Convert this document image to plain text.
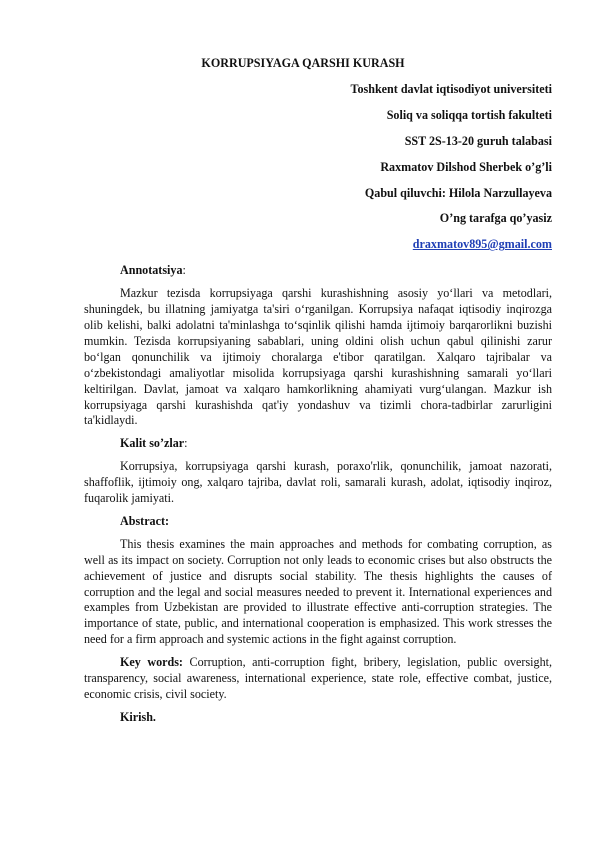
KORRUPSIYAGA QARSHI KURASH
Toshkent davlat iqtisodiyot universiteti
Soliq va soliqqa tortish fakulteti
SST 2S-13-20 guruh talabasi
Raxmatov Dilshod Sherbek o’g’li
Qabul qiluvchi: Hilola Narzullayeva
O’ng tarafga qo’yasiz
draxmatov895@gmail.com
Annotatsiya:

Mazkur tezisda korrupsiyaga qarshi kurashishning asosiy yo‘llari va metodlari, shuningdek, bu illatning jamiyatga ta'siri o‘rganilgan. Korrupsiya nafaqat iqtisodiy inqirozga olib kelishi, balki adolatni ta'minlashga to‘sqinlik qilishi hamda ijtimoiy barqarorlikni buzishi mumkin. Tezisda korrupsiyaning sabablari, uning oldini olish uchun qabul qilinishi zarur bo‘lgan qonunchilik va ijtimoiy choralarga e'tibor qaratilgan. Xalqaro tajribalar va o‘zbekistondagi amaliyotlar misolida korrupsiyaga qarshi kurashishning samarali yo‘llari keltirilgan. Davlat, jamoat va xalqaro hamkorlikning ahamiyati vurg‘ulangan. Mazkur ish korrupsiyaga qarshi kurashishda qat'iy yondashuv va tizimli chora-tadbirlar zarurligini ta'kidlaydi.

Kalit so’zlar:

Korrupsiya, korrupsiyaga qarshi kurash, poraxo'rlik, qonunchilik, jamoat nazorati, shaffoflik, ijtimoiy ong, xalqaro tajriba, davlat roli, samarali kurash, adolat, iqtisodiy inqiroz, fuqarolik jamiyati.

Abstract:

This thesis examines the main approaches and methods for combating corruption, as well as its impact on society. Corruption not only leads to economic crises but also obstructs the achievement of justice and disrupts social stability. The thesis highlights the causes of corruption and the legal and social measures needed to prevent it. International experiences and examples from Uzbekistan are provided to illustrate effective anti-corruption strategies. The importance of state, public, and international cooperation is emphasized. This work stresses the need for a firm approach and systemic actions in the fight against corruption.

Key words: Corruption, anti-corruption fight, bribery, legislation, public oversight, transparency, social awareness, international experience, state role, effective combat, justice, economic crisis, civil society.

Kirish.
